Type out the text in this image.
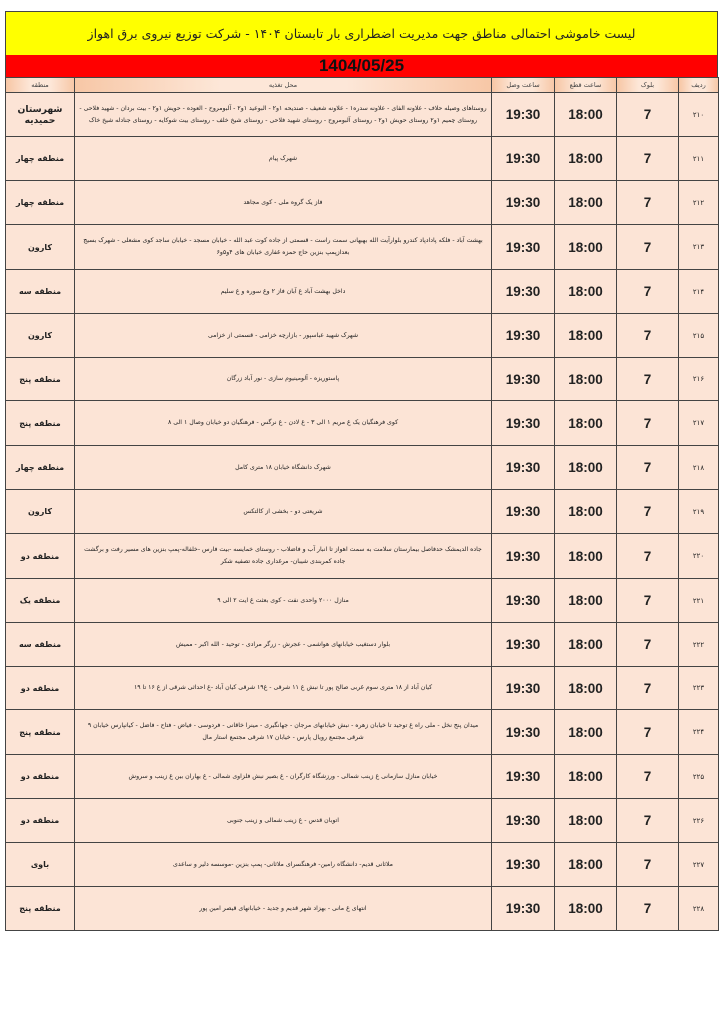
لیست خاموشی احتمالی مناطق جهت مدیریت اضطراری بار تابستان ۱۴۰۴ - شرکت توزیع نیروی برق اهواز
1404/05/25
ردیف	بلوک	ساعت قطع	ساعت وصل	محل تغذیه	منطقه
۲۱۰	7	18:00	19:30	روستاهای وصیله حلاف - علاونه الفای - علاونه سدره۱ - علاونه شعیف - صندیحه ۱و۲ - البوعید ۱و۲ - آلبومروح - العوده - حویش ۱و۲ - بیت بردان - شهید فلاحی - روستای چمیم ۱و۲ روستای حویش ۱و۲ - روستای آلبومروح - روستای شهید فلاحی - روستای شیخ خلف - روستای بیت شوکایه - روستای جنادله شیخ خاک	شهرستان حمیدیه
۲۱۱	7	18:00	19:30	شهرک پیام	منطقه چهار
۲۱۲	7	18:00	19:30	فاز یک گروه ملی - کوی مجاهد	منطقه چهار
۲۱۳	7	18:00	19:30	بهشت آباد - فلکه پادادپاد کندرو بلوارآیت الله بهبهانی سمت راست - قسمتی از جاده کوت عبد الله - خیابان مسجد - خیابان ساجد کوی مشعلی - شهرک بسیج بعدازپمپ بنزین حاج حمزه غفاری خیابان های ۴و۵و۶	کارون
۲۱۴	7	18:00	19:30	داخل بهشت آباد غ آبان فاز ۲ وغ سوره و غ سلیم	منطقه سه
۲۱۵	7	18:00	19:30	شهرک شهید عباسپور - بازارچه خزامی - قسمتی از خزامی	کارون
۲۱۶	7	18:00	19:30	پاستوریزه - آلومینیوم سازی - نور آباد زرگان	منطقه پنج
۲۱۷	7	18:00	19:30	کوی فرهنگیان یک غ مریم ۱ الی ۳ - غ لادن - غ نرگس - فرهنگیان دو خیابان وصال ۱ الی ۸	منطقه پنج
۲۱۸	7	18:00	19:30	شهرک دانشگاه خیابان ۱۸ متری کامل	منطقه چهار
۲۱۹	7	18:00	19:30	شریعتی دو - بخشی از کالتکس	کارون
۲۲۰	7	18:00	19:30	جاده الدیمشک حدفاصل بیمارستان سلامت به سمت اهواز تا انبار آب و فاضلاب - روستای خمایسه -بیت فارس -خلفاله-پمپ بنزین های مسیر رفت و برگشت جاده کمربندی شیبان- مرغداری جاده تصفیه شکر	منطقه دو
۲۲۱	7	18:00	19:30	منازل ۲۰۰۰ واحدی نفت - کوی بعثت غ ایت ۲ الی ۹	منطقه یک
۲۲۲	7	18:00	19:30	بلوار دستغیب خیابانهای هواشمی - عجرش - زرگر مرادی - توحید - الله اکبر - ممیش	منطقه سه
۲۲۳	7	18:00	19:30	کیان آباد از ۱۸ متری سوم غربی صالح پور تا نبش غ ۱۱ شرقی - غ۱۹ شرقی کیان آباد -غ احداثی شرقی از غ ۱۶ تا ۱۹	منطقه دو
۲۲۴	7	18:00	19:30	میدان پنج نخل - ملی راه غ توحید تا خیابان زهره - نبش خیابانهای مرجان - جهانگیری - مینرا خاقانی - فردوسی - فیاض - فتاح - فاضل - کیانپارس خیابان ۹ شرقی مجتمع رویال پارس - خیابان ۱۷ شرقی مجتمع استار مال	منطقه پنج
۲۲۵	7	18:00	19:30	خیابان منازل سازمانی غ زینب شمالی - ورزشگاه کارگران - غ بصیر نبش فلزاوی شمالی - غ بهاران بین غ زینب و سروش	منطقه دو
۲۲۶	7	18:00	19:30	اتوبان قدس - غ زینب شمالی و زینب جنوبی	منطقه دو
۲۲۷	7	18:00	19:30	ملاثانی قدیم- دانشگاه رامین- فرهنگسرای ملاثانی- پمپ بنزین -موسسه دلیر و ساعدی	باوی
۲۲۸	7	18:00	19:30	انتهای غ مانی - بهزاد شهر قدیم و جدید - خیابانهای قیصر امین پور	منطقه پنج
